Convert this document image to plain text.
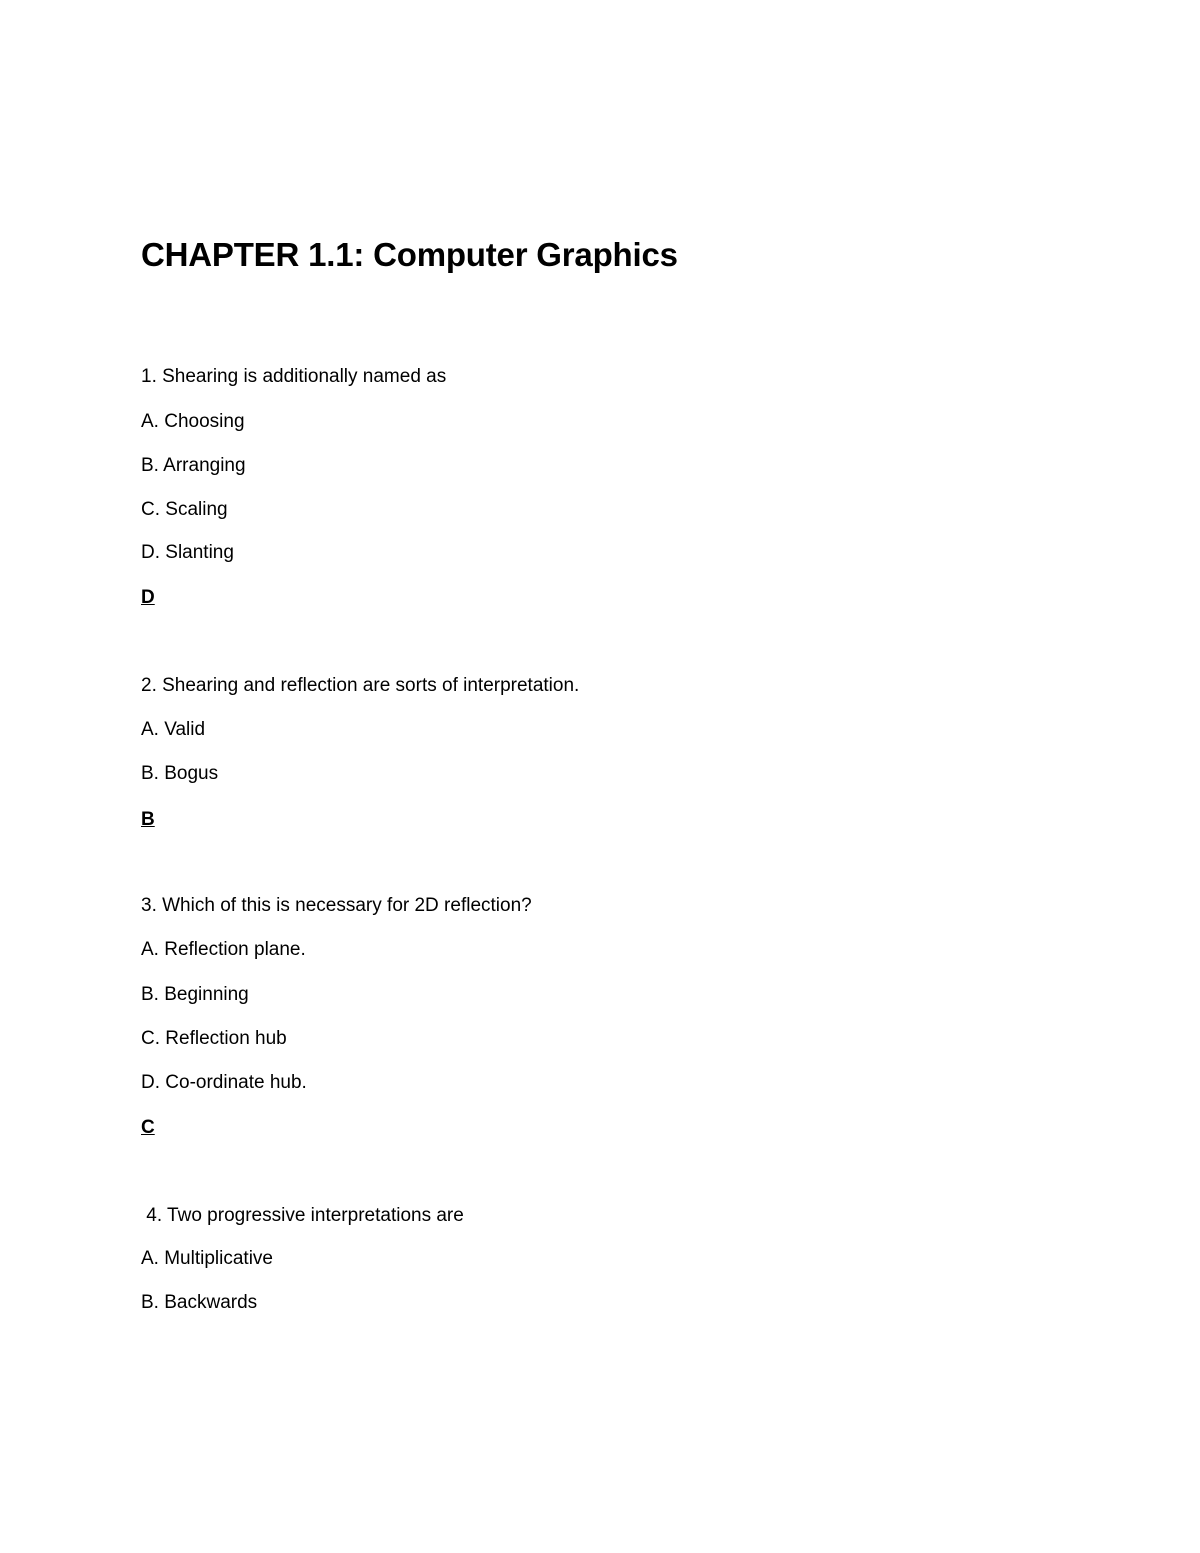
CHAPTER 1.1: Computer Graphics
1. Shearing is additionally named as
A. Choosing
B. Arranging
C. Scaling
D. Slanting
D
2. Shearing and reflection are sorts of interpretation.
A. Valid
B. Bogus
B
3. Which of this is necessary for 2D reflection?
A. Reflection plane.
B. Beginning
C. Reflection hub
D. Co-ordinate hub.
C
4. Two progressive interpretations are
A. Multiplicative
B. Backwards
